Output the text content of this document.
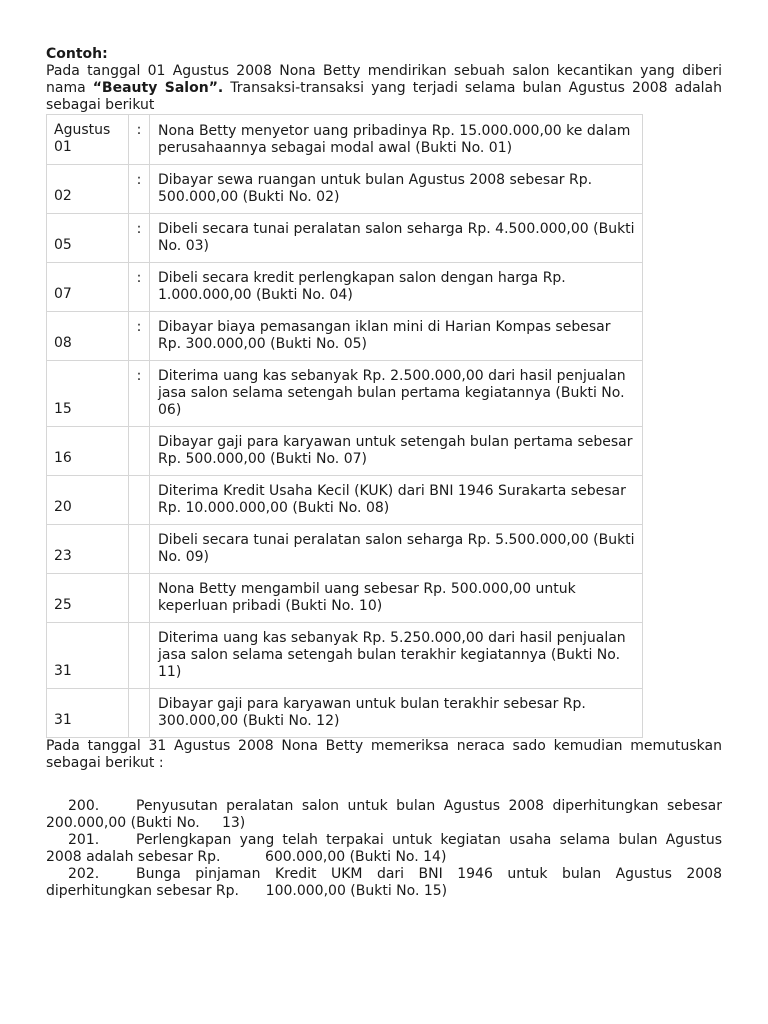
Contoh:
Pada tanggal 01 Agustus 2008 Nona Betty mendirikan sebuah salon kecantikan yang diberi nama “Beauty Salon”. Transaksi-transaksi yang terjadi selama bulan Agustus 2008 adalah sebagai berikut
Agustus 01	:	Nona Betty menyetor uang pribadinya Rp. 15.000.000,00 ke dalam perusahaannya sebagai modal awal (Bukti No. 01)
02	:	Dibayar sewa ruangan untuk bulan Agustus 2008 sebesar Rp. 500.000,00 (Bukti No. 02)
05	:	Dibeli secara tunai peralatan salon seharga Rp. 4.500.000,00 (Bukti No. 03)
07	:	Dibeli secara kredit perlengkapan salon dengan harga Rp. 1.000.000,00 (Bukti No. 04)
08	:	Dibayar biaya pemasangan iklan mini di Harian Kompas sebesar Rp. 300.000,00 (Bukti No. 05)
15	:	Diterima uang kas sebanyak Rp. 2.500.000,00 dari hasil penjualan jasa salon selama setengah bulan pertama kegiatannya (Bukti No. 06)
16		Dibayar gaji para karyawan untuk setengah bulan pertama sebesar        Rp. 500.000,00 (Bukti No. 07)
20		Diterima Kredit Usaha Kecil (KUK) dari BNI 1946 Surakarta sebesar  Rp. 10.000.000,00 (Bukti No. 08)
23		Dibeli secara tunai peralatan salon seharga Rp. 5.500.000,00 (Bukti No. 09)
25		Nona Betty mengambil uang sebesar Rp. 500.000,00 untuk keperluan pribadi (Bukti No. 10)
31		Diterima uang kas sebanyak Rp. 5.250.000,00 dari hasil penjualan jasa salon selama setengah bulan terakhir kegiatannya (Bukti No. 11)
31		Dibayar gaji para karyawan untuk bulan terakhir sebesar Rp. 300.000,00 (Bukti No. 12)
Pada tanggal 31 Agustus 2008 Nona Betty memeriksa neraca sado kemudian memutuskan sebagai berikut :
200.	Penyusutan peralatan salon untuk bulan Agustus 2008 diperhitungkan sebesar
200.000,00 (Bukti No.     13)
201.	Perlengkapan yang telah terpakai untuk kegiatan usaha selama bulan Agustus
2008 adalah sebesar Rp.          600.000,00 (Bukti No. 14)
202.	Bunga pinjaman Kredit UKM dari BNI 1946 untuk bulan Agustus 2008
diperhitungkan sebesar Rp.      100.000,00 (Bukti No. 15)
